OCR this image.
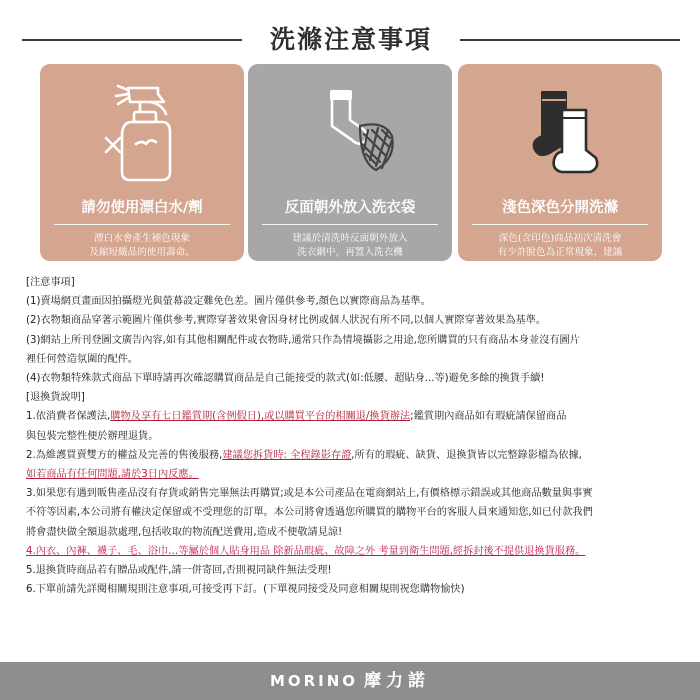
洗滌注意事項
請勿使用漂白水/劑
漂白水會產生褪色現象
及縮短織品的使用壽命。
反面朝外放入洗衣袋
建議於清洗時反面朝外放入
洗衣網中，再置入洗衣機
可以延長使用壽命。
淺色深色分開洗滌
深色(含印色)商品初次清洗會
有少許脫色為正常現象，建議
深色與淺色衣物分開洗滌。

[注意事項]

(1)賣場網頁畫面因拍攝燈光與螢幕設定難免色差。圖片僅供參考,顏色以實際商品為基準。

(2)衣物類商品穿著示範圖片僅供參考,實際穿著效果會因身材比例或個人狀況有所不同,以個人實際穿著效果為基準。

(3)網站上所刊登圖文廣告內容,如有其他相關配件或衣物時,通常只作為情境攝影之用途,您所購買的只有商品本身並沒有圖片

裡任何營造氛圍的配件。

(4)衣物類特殊款式商品下單時請再次確認購買商品是自己能接受的款式(如:低腰、超貼身...等)避免多餘的換貨手續!

[退換貨說明]

1.依消費者保護法,購物及享有七日鑑賞期(含例假日),或以購買平台的相關退/換貨辦法;鑑賞期內商品如有瑕疵請保留商品

與包裝完整性便於辦理退貨。

2.為維護買賣雙方的權益及完善的售後服務,建議您拆貨時: 全程錄影存證,所有的瑕疵、缺貨、退換貨皆以完整錄影檔為依據,

如若商品有任何問題,請於3日內反應。

3.如果您有遇到販售產品沒有存貨或銷售完畢無法再購買;或是本公司產品在電商網站上,有價格標示錯誤或其他商品數量與事實

不符等因素,本公司將有權決定保留或不受理您的訂單。本公司將會透過您所購買的購物平台的客服人員來通知您,如已付款我們

將會盡快做全額退款處理,包括收取的物流配送費用,造成不便敬請見諒!

4.內衣、內褲、襪子、毛、浴巾…等屬於個人貼身用品 除新品瑕疵、故障之外 考量到衛生問題,經拆封後不提供退換貨服務。

5.退換貨時商品若有贈品或配件,請一併寄回,否則視同缺件無法受理!

6.下單前請先詳閱相關規則注意事項,可接受再下訂。(下單視同接受及同意相關規則祝您購物愉快)

MORINO 摩力諾
